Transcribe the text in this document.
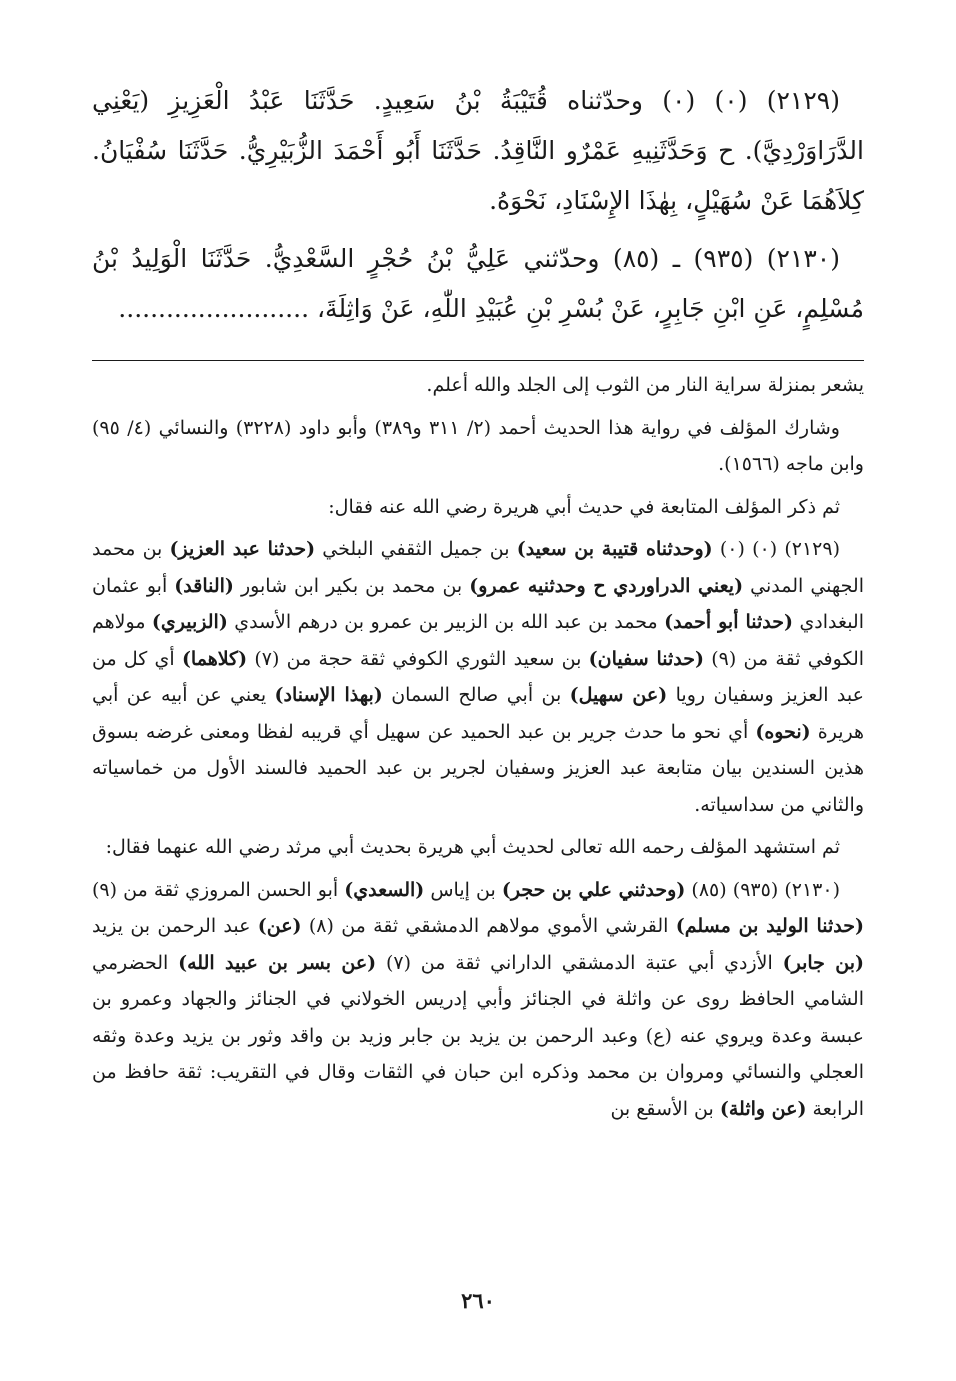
(٢١٢٩) (٠) (٠) وحدّثناه قُتَيْبَةُ بْنُ سَعِيدٍ. حَدَّثَنَا عَبْدُ الْعَزِيزِ (يَعْنِي الدَّرَاوَرْدِيَّ). ح وَحَدَّثَنِيهِ عَمْرٌو النَّاقِدُ. حَدَّثَنَا أَبُو أَحْمَدَ الزُّبَيْرِيُّ. حَدَّثَنَا سُفْيَانُ. كِلاَهُمَا عَنْ سُهَيْلٍ، بِهٰذَا الإِسْنَادِ، نَحْوَهُ.

(٢١٣٠) (٩٣٥) ـ (٨٥) وحدّثني عَلِيُّ بْنُ حُجْرٍ السَّعْدِيُّ. حَدَّثَنَا الْوَلِيدُ بْنُ مُسْلِمٍ، عَنِ ابْنِ جَابِرٍ، عَنْ بُسْرِ بْنِ عُبَيْدِ اللّٰهِ، عَنْ وَاثِلَةَ، ........................

يشعر بمنزلة سراية النار من الثوب إلى الجلد والله أعلم.

وشارك المؤلف في رواية هذا الحديث أحمد (٢/ ٣١١ و٣٨٩) وأبو داود (٣٢٢٨) والنسائي (٤/ ٩٥) وابن ماجه (١٥٦٦).

ثم ذكر المؤلف المتابعة في حديث أبي هريرة رضي الله عنه فقال:

(٢١٢٩) (٠) (٠) (وحدثناه قتيبة بن سعيد) بن جميل الثقفي البلخي (حدثنا عبد العزيز) بن محمد الجهني المدني (يعني الدراوردي ح وحدثنيه عمرو) بن محمد بن بكير ابن شابور (الناقد) أبو عثمان البغدادي (حدثنا أبو أحمد) محمد بن عبد الله بن الزبير بن عمرو بن درهم الأسدي (الزبيري) مولاهم الكوفي ثقة من (٩) (حدثنا سفيان) بن سعيد الثوري الكوفي ثقة حجة من (٧) (كلاهما) أي كل من عبد العزيز وسفيان رويا (عن سهيل) بن أبي صالح السمان (بهذا الإسناد) يعني عن أبيه عن أبي هريرة (نحوه) أي نحو ما حدث جرير بن عبد الحميد عن سهيل أي قريبه لفظا ومعنى غرضه بسوق هذين السندين بيان متابعة عبد العزيز وسفيان لجرير بن عبد الحميد فالسند الأول من خماسياته والثاني من سداسياته.

ثم استشهد المؤلف رحمه الله تعالى لحديث أبي هريرة بحديث أبي مرثد رضي الله عنهما فقال:

(٢١٣٠) (٩٣٥) (٨٥) (وحدثني علي بن حجر) بن إياس (السعدي) أبو الحسن المروزي ثقة من (٩) (حدثنا الوليد بن مسلم) القرشي الأموي مولاهم الدمشقي ثقة من (٨) (عن) عبد الرحمن بن يزيد (بن جابر) الأزدي أبي عتبة الدمشقي الداراني ثقة من (٧) (عن بسر بن عبيد الله) الحضرمي الشامي الحافظ روى عن واثلة في الجنائز وأبي إدريس الخولاني في الجنائز والجهاد وعمرو بن عبسة وعدة ويروي عنه (ع) وعبد الرحمن بن يزيد بن جابر وزيد بن واقد وثور بن يزيد وعدة وثقه العجلي والنسائي ومروان بن محمد وذكره ابن حبان في الثقات وقال في التقريب: ثقة حافظ من الرابعة (عن واثلة) بن الأسقع بن

٢٦٠
